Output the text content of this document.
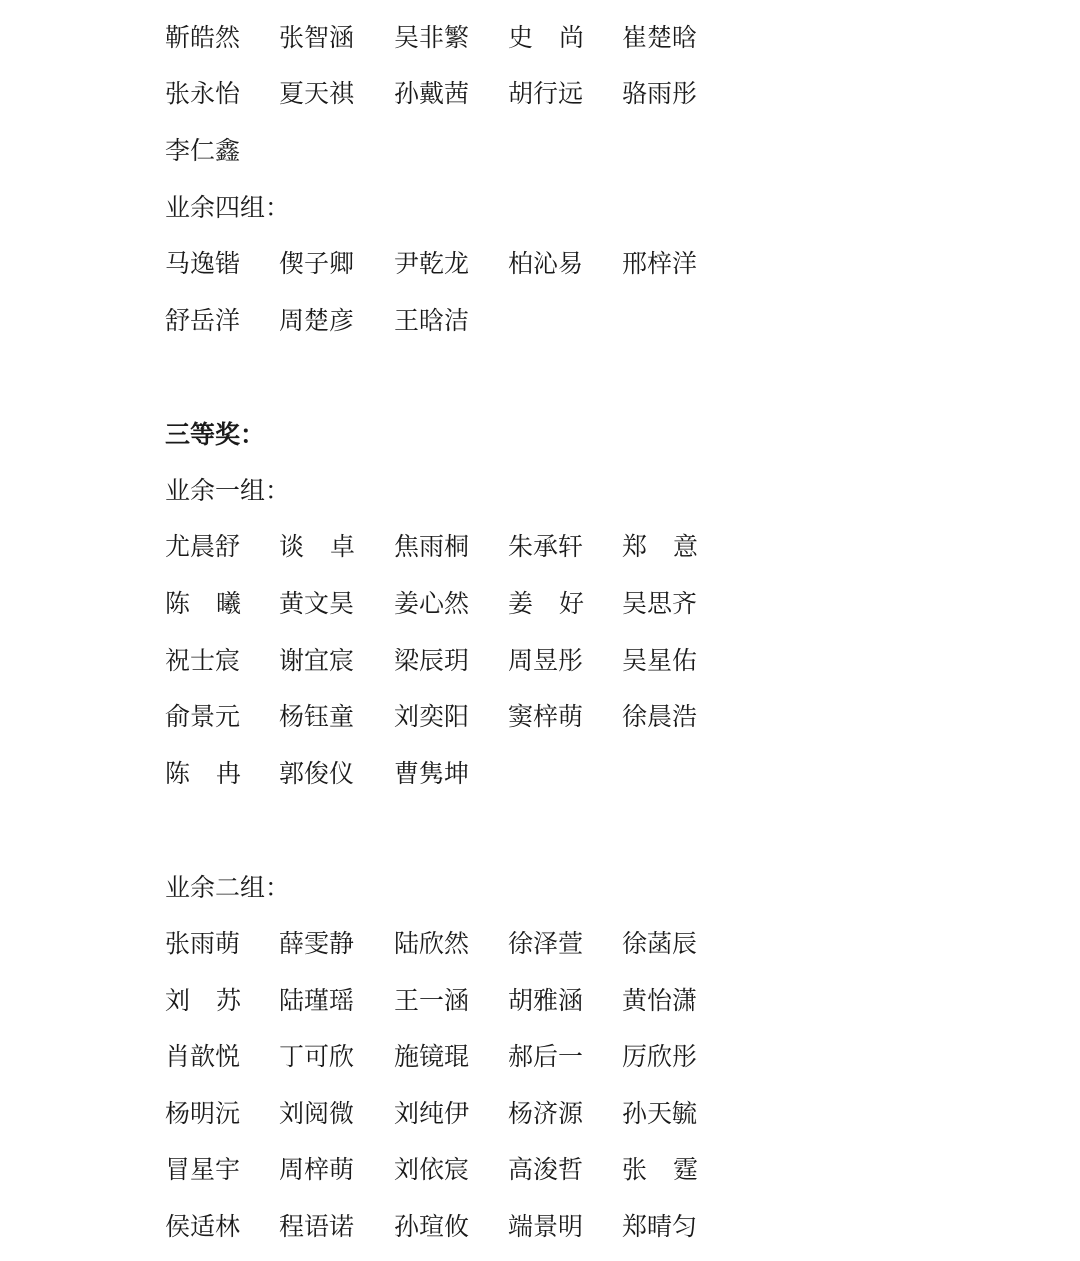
靳皓然 张智涵 吴非繁 史 尚 崔楚晗
张永怡 夏天祺 孙戴茜 胡行远 骆雨彤
李仁鑫
业余四组：
马逸锴 偰子卿 尹乾龙 柏沁易 邢梓洋
舒岳洋 周楚彦 王晗洁
三等奖：
业余一组：
尤晨舒 谈 卓 焦雨桐 朱承轩 郑 意
陈 曦 黄文昊 姜心然 姜 好 吴思齐
祝士宸 谢宜宸 梁辰玥 周昱彤 吴星佑
俞景元 杨钰童 刘奕阳 窦梓萌 徐晨浩
陈 冉 郭俊仪 曹隽坤
业余二组：
张雨萌 薛雯静 陆欣然 徐泽萱 徐菡辰
刘 苏 陆瑾瑶 王一涵 胡雅涵 黄怡潇
肖歆悦 丁可欣 施镜琨 郝后一 厉欣彤
杨明沅 刘阅微 刘纯伊 杨济源 孙天毓
冒星宇 周梓萌 刘依宸 高浚哲 张 霆
侯适林 程语诺 孙瑄攸 端景明 郑晴匀
